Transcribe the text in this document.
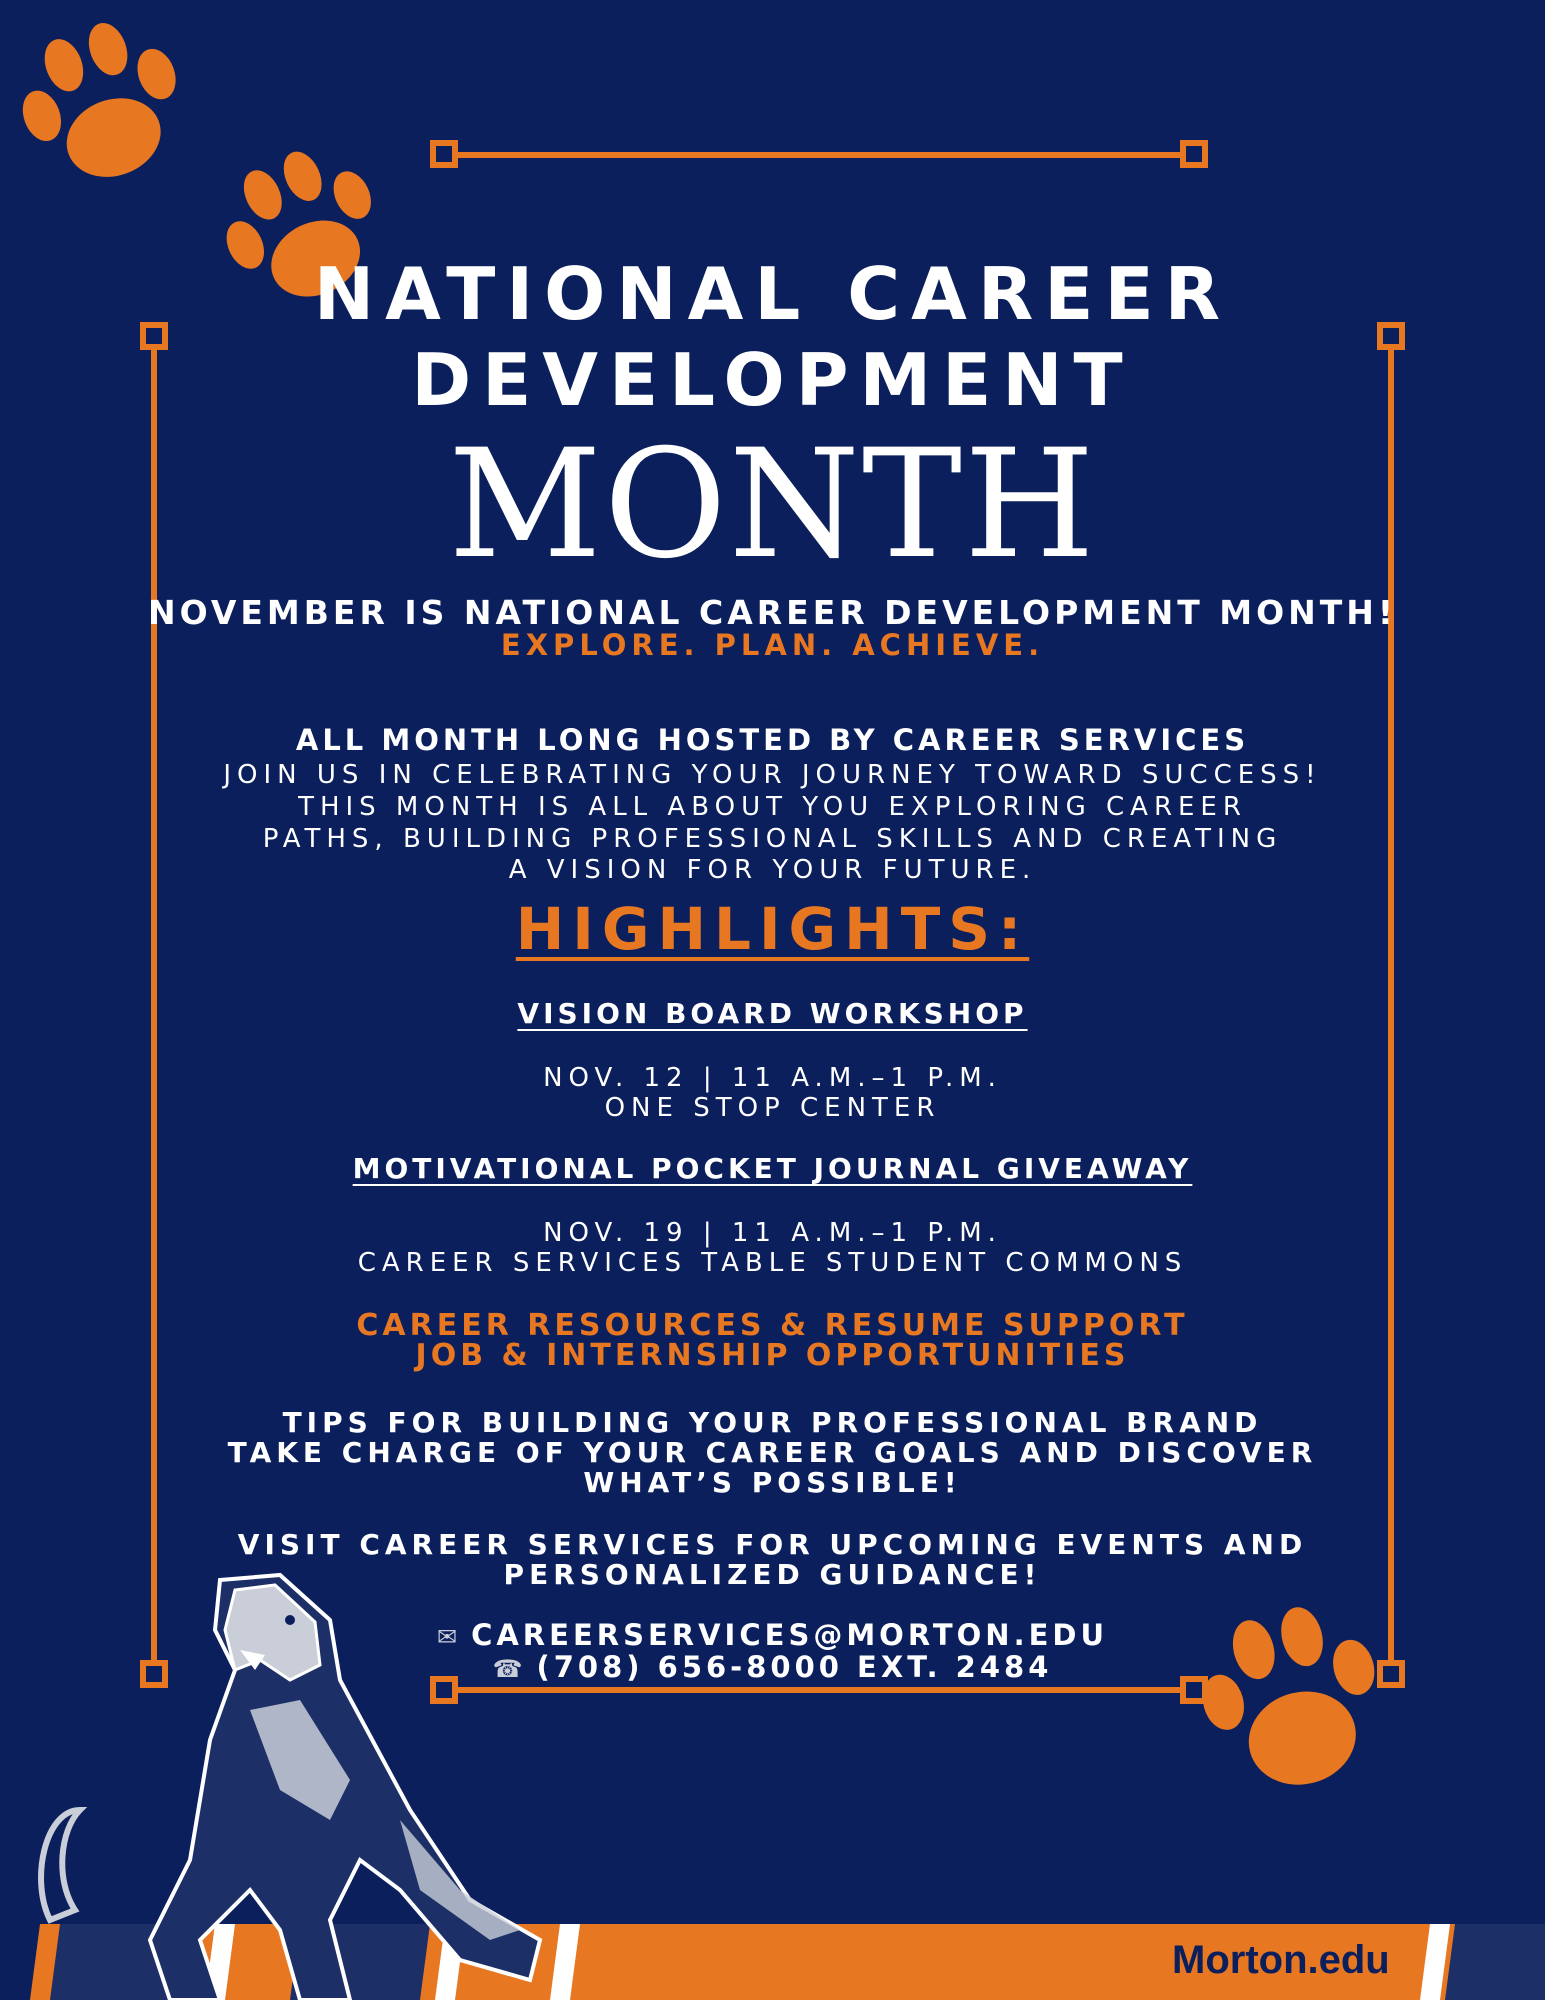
NATIONAL CAREER
DEVELOPMENT
MONTH
NOVEMBER IS NATIONAL CAREER DEVELOPMENT MONTH!
EXPLORE. PLAN. ACHIEVE.
ALL MONTH LONG HOSTED BY CAREER SERVICES
JOIN US IN CELEBRATING YOUR JOURNEY TOWARD SUCCESS!
THIS MONTH IS ALL ABOUT YOU EXPLORING CAREER
PATHS, BUILDING PROFESSIONAL SKILLS AND CREATING
A VISION FOR YOUR FUTURE.
HIGHLIGHTS:
VISION BOARD WORKSHOP
NOV. 12 | 11 A.M.–1 P.M.
ONE STOP CENTER
MOTIVATIONAL POCKET JOURNAL GIVEAWAY
NOV. 19 | 11 A.M.–1 P.M.
CAREER SERVICES TABLE STUDENT COMMONS
CAREER RESOURCES & RESUME SUPPORT
JOB & INTERNSHIP OPPORTUNITIES
TIPS FOR BUILDING YOUR PROFESSIONAL BRAND
TAKE CHARGE OF YOUR CAREER GOALS AND DISCOVER
WHAT’S POSSIBLE!
VISIT CAREER SERVICES FOR UPCOMING EVENTS AND
PERSONALIZED GUIDANCE!
✉ CAREERSERVICES@MORTON.EDU
☎ (708) 656-8000 EXT. 2484
Morton.edu
